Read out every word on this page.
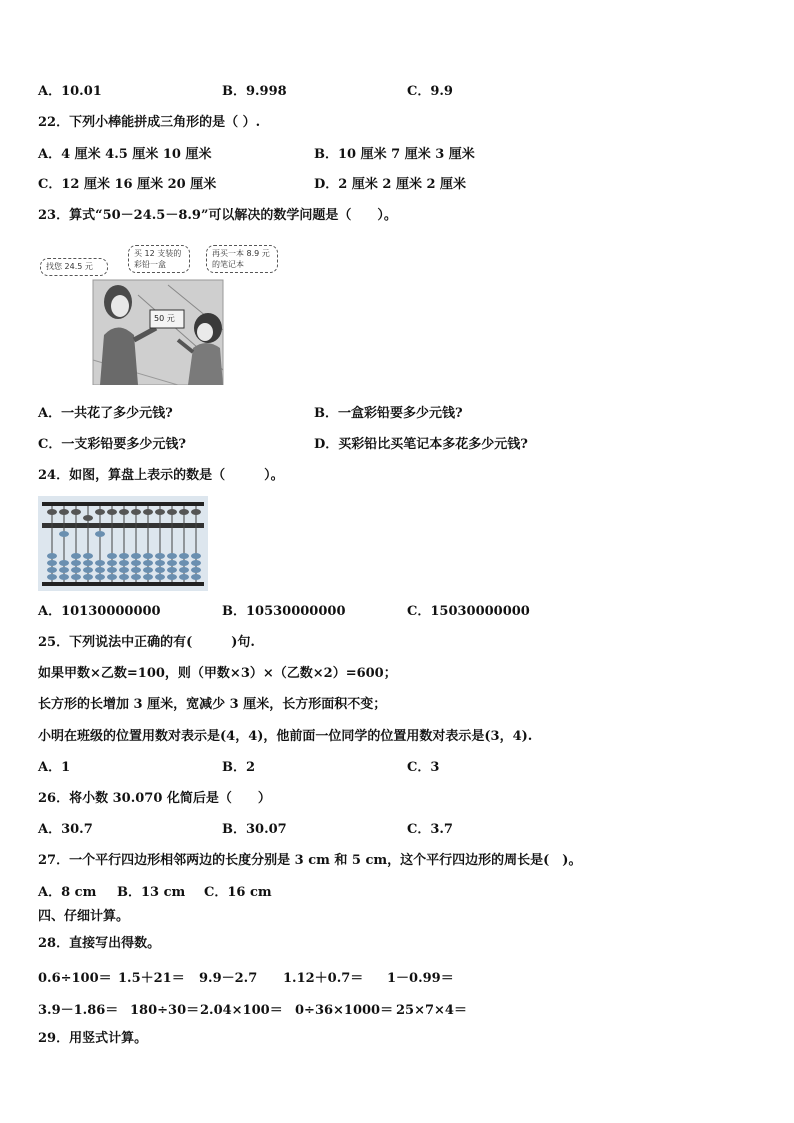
A．10.01	B．9.998	C．9.9
22．下列小棒能拼成三角形的是（ ）.
A．4 厘米 4.5 厘米 10 厘米	B．10 厘米 7 厘米 3 厘米
C．12 厘米 16 厘米 20 厘米	D．2 厘米 2 厘米 2 厘米
23．算式“50－24.5－8.9”可以解决的数学问题是（　　）。
50 元
找您 24.5 元
买 12 支装的彩铅一盒
再买一本 8.9 元的笔记本
A．一共花了多少元钱?	B．一盒彩铅要多少元钱?
C．一支彩铅要多少元钱?	D．买彩铅比买笔记本多花多少元钱?
24．如图，算盘上表示的数是（　　　）。
A．10130000000	B．10530000000	C．15030000000
25．下列说法中正确的有(　　　)句.
如果甲数×乙数=100，则（甲数×3）×（乙数×2）=600；
长方形的长增加 3 厘米，宽减少 3 厘米，长方形面积不变；
小明在班级的位置用数对表示是(4，4)，他前面一位同学的位置用数对表示是(3，4).
A．1	B．2	C．3
26．将小数 30.070 化简后是（　　）
A．30.7	B．30.07	C．3.7
27．一个平行四边形相邻两边的长度分别是 3 cm 和 5 cm，这个平行四边形的周长是(　)。
A．8 cm B．13 cm C．16 cm
四、仔细计算。
28．直接写出得数。
0.6÷100＝ 1.5＋21＝ 9.9－2.7 1.12＋0.7＝ 1－0.99＝
3.9－1.86＝ 180÷30＝ 2.04×100＝ 0÷36×1000＝ 25×7×4＝
29．用竖式计算。
